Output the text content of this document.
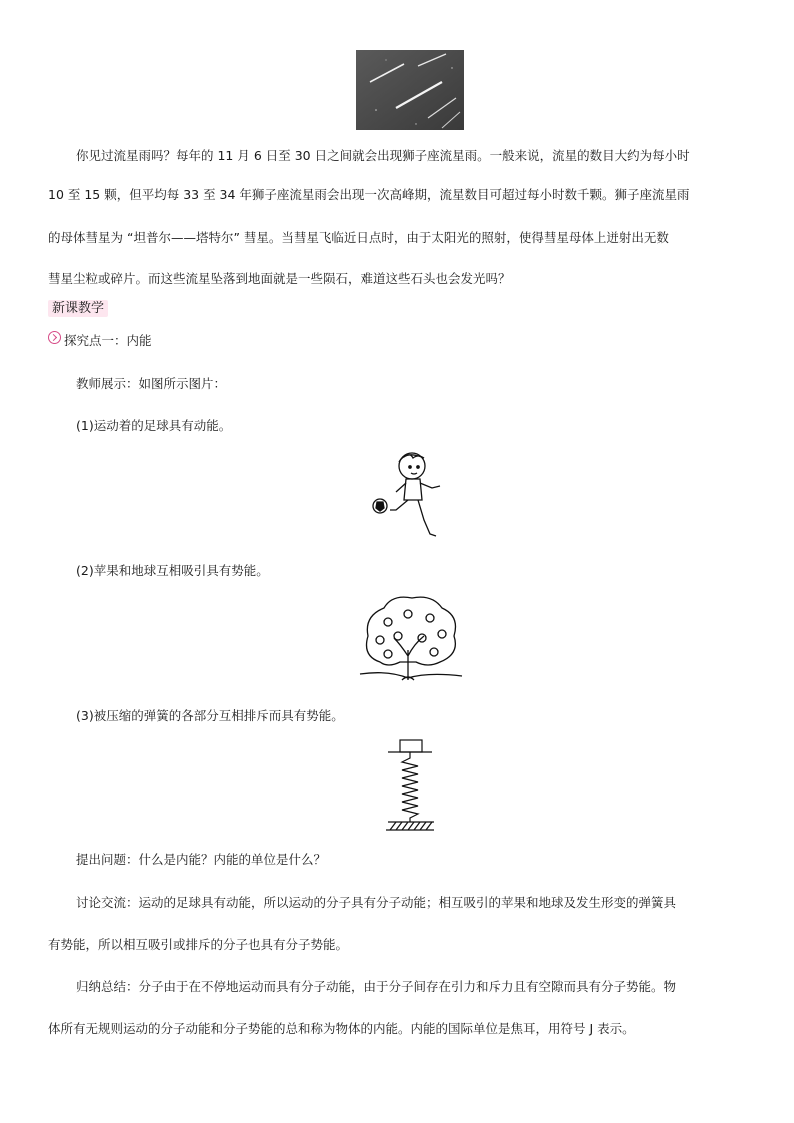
你见过流星雨吗？每年的 11 月 6 日至 30 日之间就会出现狮子座流星雨。一般来说，流星的数目大约为每小时
10 至 15 颗，但平均每 33 至 34 年狮子座流星雨会出现一次高峰期，流星数目可超过每小时数千颗。狮子座流星雨
的母体彗星为 “坦普尔——塔特尔” 彗星。当彗星飞临近日点时，由于太阳光的照射，使得彗星母体上迸射出无数
彗星尘粒或碎片。而这些流星坠落到地面就是一些陨石，难道这些石头也会发光吗？
新课教学
探究点一：内能
教师展示：如图所示图片：
(1)运动着的足球具有动能。
(2)苹果和地球互相吸引具有势能。
(3)被压缩的弹簧的各部分互相排斥而具有势能。
提出问题：什么是内能？内能的单位是什么？
讨论交流：运动的足球具有动能，所以运动的分子具有分子动能；相互吸引的苹果和地球及发生形变的弹簧具
有势能，所以相互吸引或排斥的分子也具有分子势能。
归纳总结：分子由于在不停地运动而具有分子动能，由于分子间存在引力和斥力且有空隙而具有分子势能。物
体所有无规则运动的分子动能和分子势能的总和称为物体的内能。内能的国际单位是焦耳，用符号 J 表示。
